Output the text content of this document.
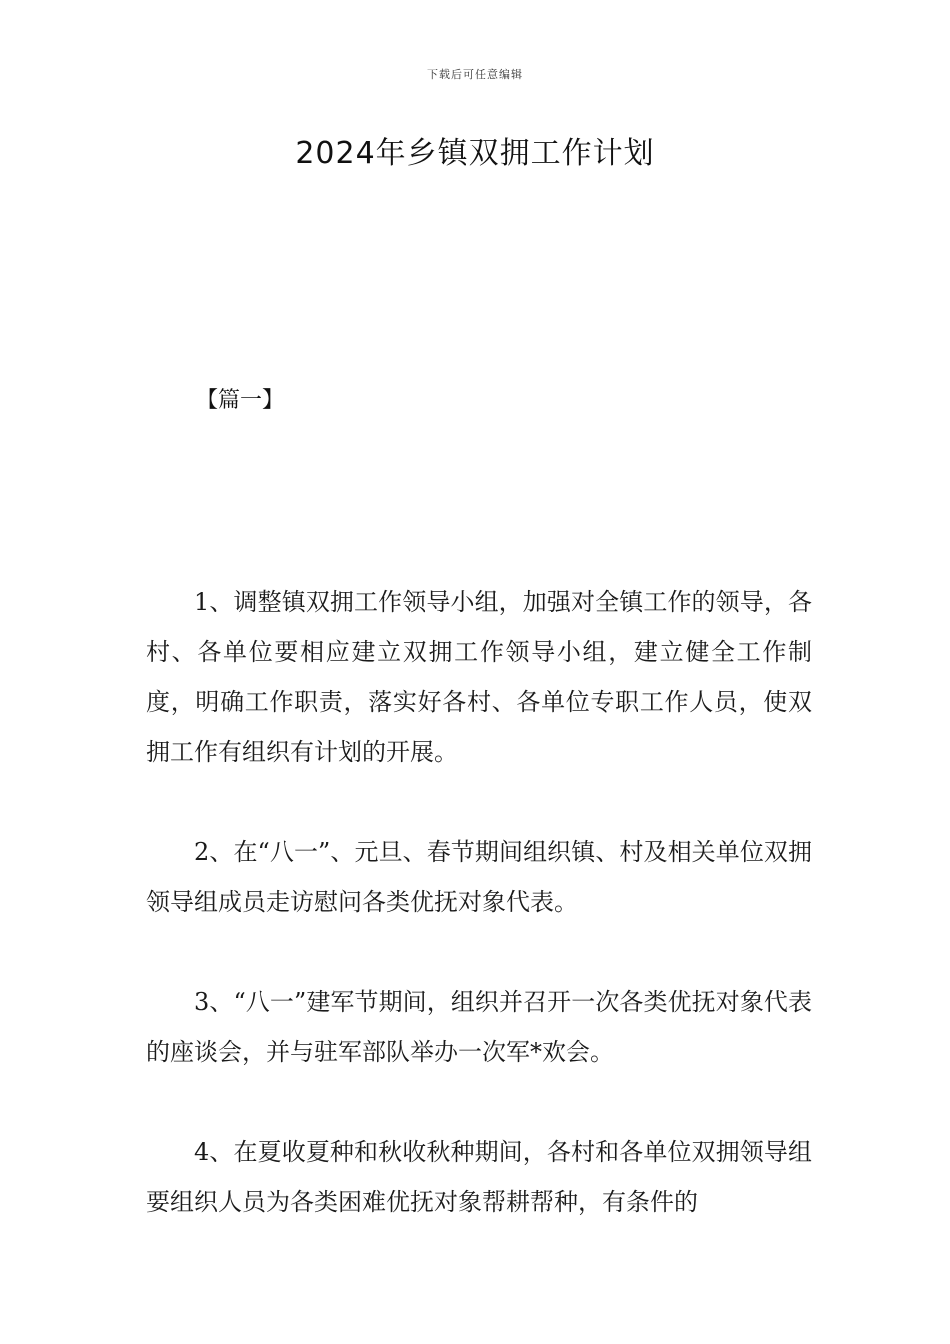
下载后可任意编辑
2024年乡镇双拥工作计划
【篇一】

1、调整镇双拥工作领导小组，加强对全镇工作的领导，各村、各单位要相应建立双拥工作领导小组，建立健全工作制度，明确工作职责，落实好各村、各单位专职工作人员，使双拥工作有组织有计划的开展。

2、在“八一”、元旦、春节期间组织镇、村及相关单位双拥领导组成员走访慰问各类优抚对象代表。

3、“八一”建军节期间，组织并召开一次各类优抚对象代表的座谈会，并与驻军部队举办一次军*欢会。

4、在夏收夏种和秋收秋种期间，各村和各单位双拥领导组要组织人员为各类困难优抚对象帮耕帮种，有条件的
